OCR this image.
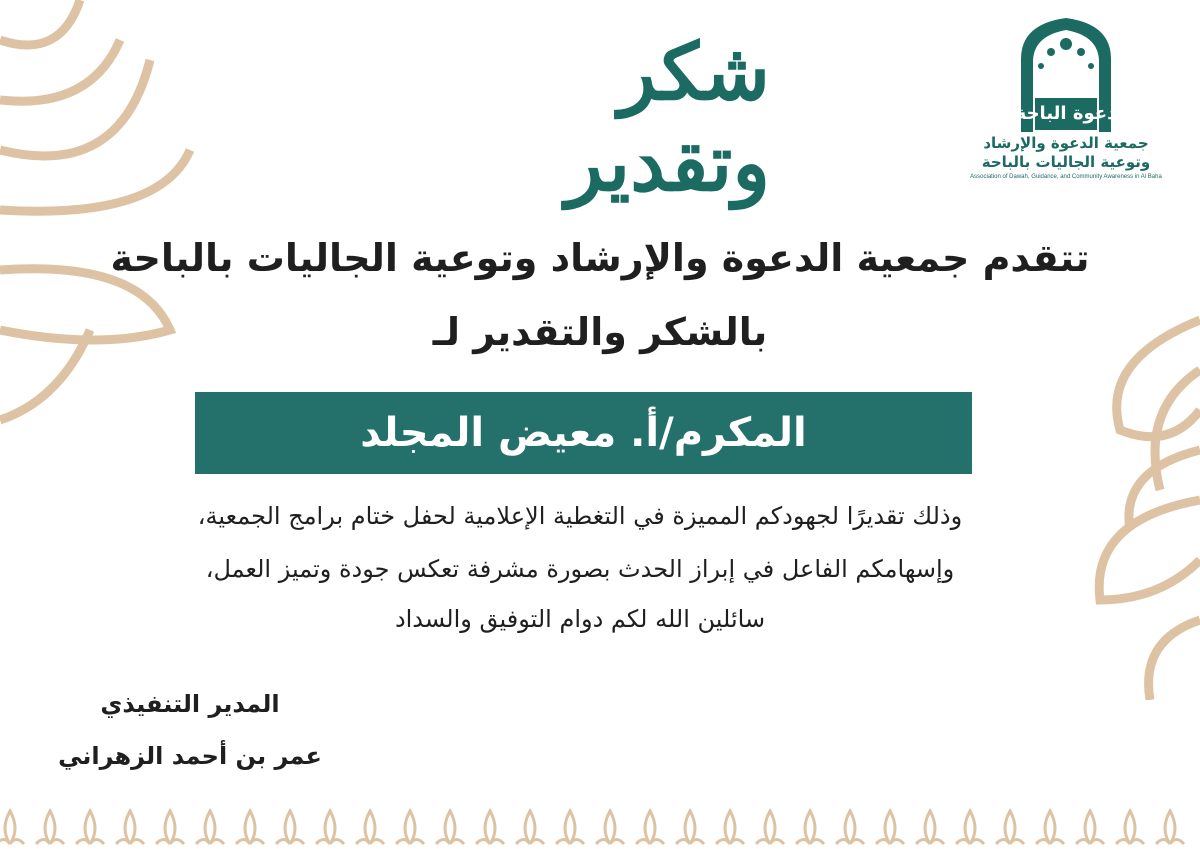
دعوة الباحة
جمعية الدعوة والإرشاد
وتوعية الجاليات بالباحة
Association of Dawah, Guidance, and Community Awareness in Al Baha
شكر وتقدير
تتقدم جمعية الدعوة والإرشاد وتوعية الجاليات بالباحة
بالشكر والتقدير لـ
المكرم/أ. معيض المجلد
وذلك تقديرًا لجهودكم المميزة في التغطية الإعلامية لحفل ختام برامج الجمعية،
وإسهامكم الفاعل في إبراز الحدث بصورة مشرفة تعكس جودة وتميز العمل،
سائلين الله لكم دوام التوفيق والسداد
المدير التنفيذي
عمر بن أحمد الزهراني
